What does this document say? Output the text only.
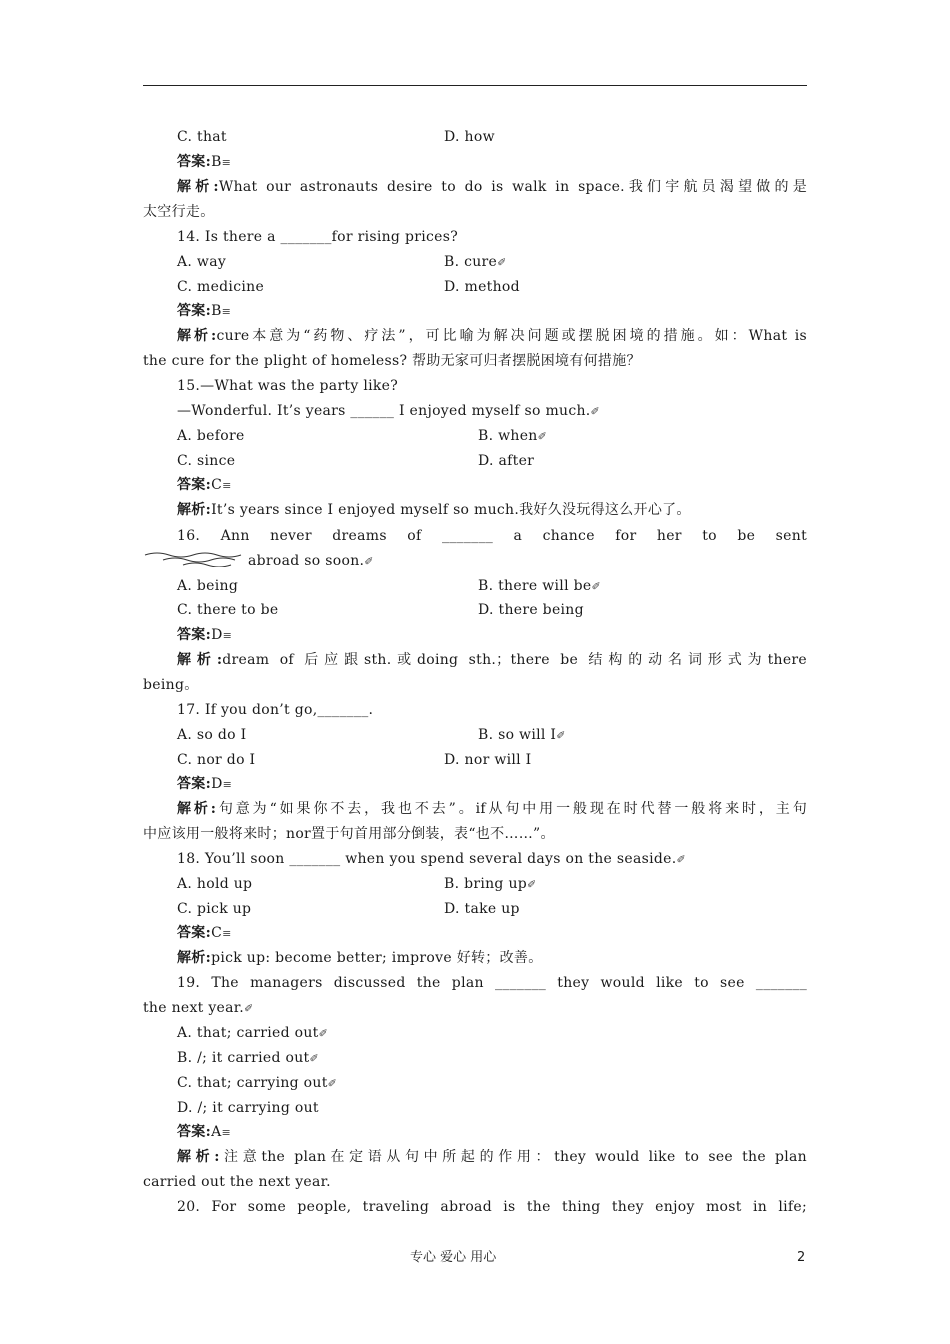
C. that	D. how
答案:B≡
解析:What our astronauts desire to do is walk in space.我们宇航员渴望做的是
太空行走。
14. Is there a _______for rising prices?
A. way	B. cure✐
C. medicine	D. method
答案:B≡
解析:cure本意为“药物、疗法”，可比喻为解决问题或摆脱困境的措施。如：What is
the cure for the plight of homeless? 帮助无家可归者摆脱困境有何措施？
15.—What was the party like?
—Wonderful. It’s years ______ I enjoyed myself so much.✐
A. before	B. when✐
C. since	D. after
答案:C≡
解析:It’s years since I enjoyed myself so much.我好久没玩得这么开心了。
16. Ann never dreams of _______ a chance for her to be sent
abroad so soon.✐
A. being	B. there will be✐
C. there to be	D. there being
答案:D≡
解析:dream of 后应跟sth.或doing sth.；there be 结构的动名词形式为there
being。
17. If you don’t go,_______.
A. so do I	B. so will I✐
C. nor do I	D. nor will I
答案:D≡
解析:句意为“如果你不去，我也不去”。if从句中用一般现在时代替一般将来时，主句
中应该用一般将来时；nor置于句首用部分倒装，表“也不……”。
18. You’ll soon _______ when you spend several days on the seaside.✐
A. hold up	B. bring up✐
C. pick up	D. take up
答案:C≡
解析:pick up: become better; improve 好转；改善。
19. The managers discussed the plan _______ they would like to see _______
the next year.✐
A. that; carried out✐
B. /; it carried out✐
C. that; carrying out✐
D. /; it carrying out
答案:A≡
解析:注意the plan在定语从句中所起的作用：they would like to see the plan
carried out the next year.
20. For some people, traveling abroad is the thing they enjoy most in life;
专心 爱心 用心	2
